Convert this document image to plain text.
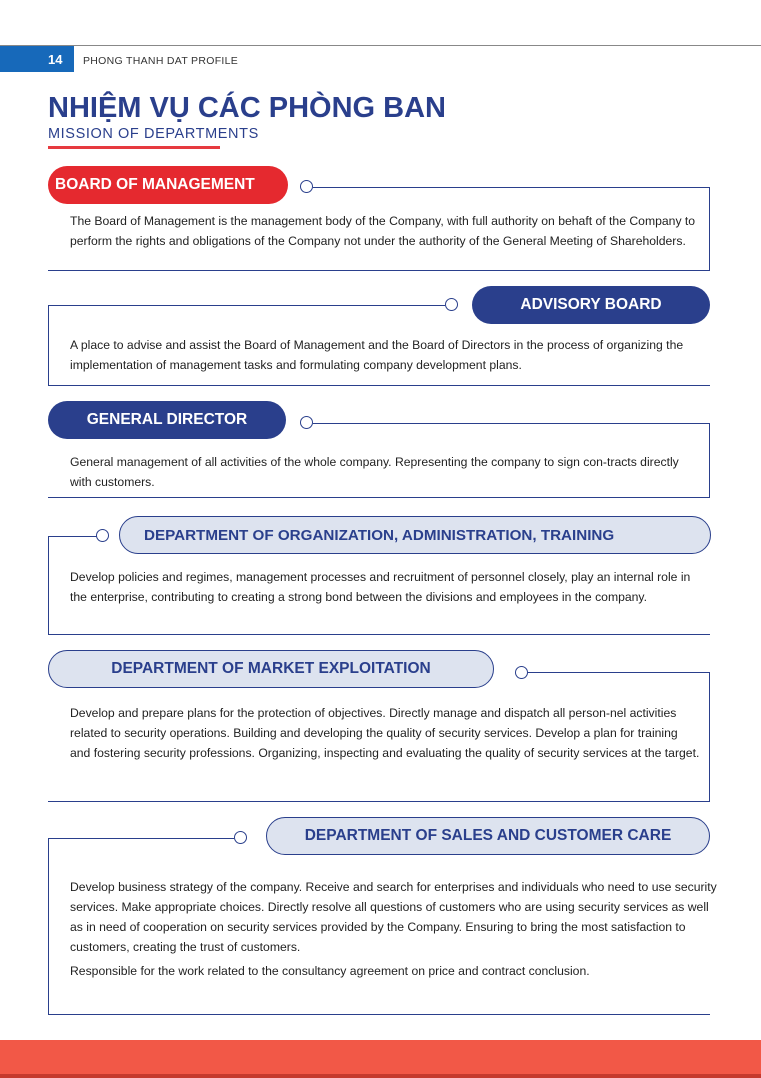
14 PHONG THANH DAT PROFILE
NHIỆM VỤ CÁC PHÒNG BAN
MISSION OF DEPARTMENTS
BOARD OF MANAGEMENT

The Board of Management is the management body of the Company, with full authority on behaft of the Company to perform the rights and obligations of the Company not under the authority of the General Meeting of Shareholders.

ADVISORY BOARD

A place to advise and assist the Board of Management and the Board of Directors in the process of organizing the implementation of management tasks and formulating company development plans.

GENERAL DIRECTOR

General management of all activities of the whole company. Representing the company to sign con-tracts directly with customers.

DEPARTMENT OF ORGANIZATION, ADMINISTRATION, TRAINING

Develop policies and regimes, management processes and recruitment of personnel closely, play an internal role in the enterprise, contributing to creating a strong bond between the divisions and employees in the company.

DEPARTMENT OF MARKET EXPLOITATION

Develop and prepare plans for the protection of objectives. Directly manage and dispatch all person-nel activities related to security operations. Building and developing the quality of security services. Develop a plan for training and fostering security professions. Organizing, inspecting and evaluating the quality of security services at the target.

DEPARTMENT OF SALES AND CUSTOMER CARE

Develop business strategy of the company. Receive and search for enterprises and individuals who need to use security services. Make appropriate choices. Directly resolve all questions of customers who are using security services as well as in need of cooperation on security services provided by the Company. Ensuring to bring the most satisfaction to customers, creating the trust of customers.

Responsible for the work related to the consultancy agreement on price and contract conclusion.
